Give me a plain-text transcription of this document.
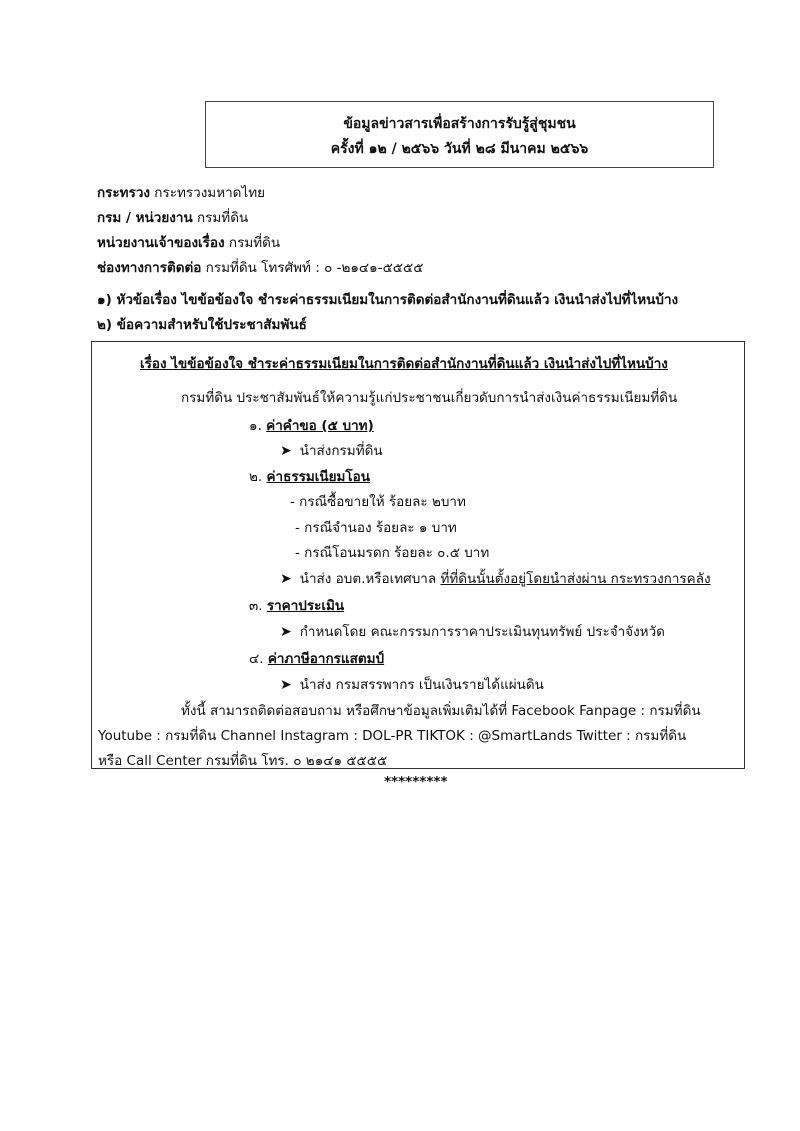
ข้อมูลข่าวสารเพื่อสร้างการรับรู้สู่ชุมชน
ครั้งที่ ๑๒ / ๒๕๖๖ วันที่ ๒๘ มีนาคม ๒๕๖๖
กระทรวง กระทรวงมหาดไทย
กรม / หน่วยงาน กรมที่ดิน
หน่วยงานเจ้าของเรื่อง กรมที่ดิน
ช่องทางการติดต่อ กรมที่ดิน โทรศัพท์ : ๐ -๒๑๔๑-๕๕๕๕
๑) หัวข้อเรื่อง ไขข้อข้องใจ ชำระค่าธรรมเนียมในการติดต่อสำนักงานที่ดินแล้ว เงินนำส่งไปที่ไหนบ้าง
๒) ข้อความสำหรับใช้ประชาสัมพันธ์
เรื่อง ไขข้อข้องใจ ชำระค่าธรรมเนียมในการติดต่อสำนักงานที่ดินแล้ว เงินนำส่งไปที่ไหนบ้าง
กรมที่ดิน ประชาสัมพันธ์ให้ความรู้แก่ประชาชนเกี่ยวดับการนำส่งเงินค่าธรรมเนียมที่ดิน
๑. ค่าคำขอ (๕ บาท)
➤ นำส่งกรมที่ดิน
๒. ค่าธรรมเนียมโอน
- กรณีซื้อขายให้ ร้อยละ ๒บาท
- กรณีจำนอง ร้อยละ ๑ บาท
- กรณีโอนมรดก ร้อยละ ๐.๕ บาท
➤ นำส่ง อบต.หรือเทศบาล ที่ที่ดินนั้นตั้งอยู่โดยนำส่งผ่าน กระทรวงการคลัง
๓. ราคาประเมิน
➤ กำหนดโดย คณะกรรมการราคาประเมินทุนทรัพย์ ประจำจังหวัด
๔. ค่าภาษีอากรแสตมป์
➤ นำส่ง กรมสรรพากร เป็นเงินรายได้แผ่นดิน
ทั้งนี้ สามารถติดต่อสอบถาม หรือศึกษาข้อมูลเพิ่มเติมได้ที่ Facebook Fanpage : กรมที่ดิน
Youtube : กรมที่ดิน Channel Instagram : DOL-PR TIKTOK : @SmartLands Twitter : กรมที่ดิน
หรือ Call Center กรมที่ดิน โทร. ๐ ๒๑๔๑ ๕๕๕๕
*********
